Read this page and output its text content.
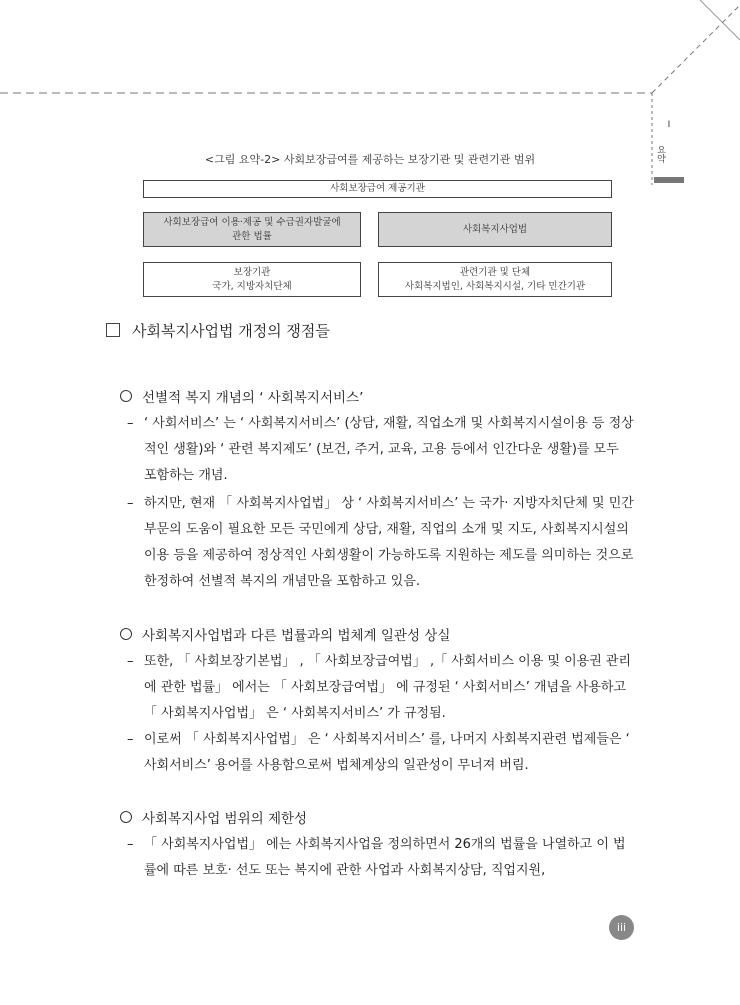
I
요약
<그림 요약-2> 사회보장급여를 제공하는 보장기관 및 관련기관 범위
사회보장급여 제공기관
사회보장급여 이용·제공 및 수급권자발굴에 관한 법률
사회복지사업법
보장기관
국가, 지방자치단체
관련기관 및 단체
사회복지법인, 사회복지시설, 기타 민간기관
사회복지사업법 개정의 쟁점들
선별적 복지 개념의 ‘ 사회복지서비스’
– ‘ 사회서비스’ 는 ‘ 사회복지서비스’ (상담, 재활, 직업소개 및 사회복지시설이용 등 정상적인 생활)와 ‘ 관련 복지제도’ (보건, 주거, 교육, 고용 등에서 인간다운 생활)를 모두 포함하는 개념.
– 하지만, 현재 「 사회복지사업법」 상 ‘ 사회복지서비스’ 는 국가· 지방자치단체 및 민간부문의 도움이 필요한 모든 국민에게 상담, 재활, 직업의 소개 및 지도, 사회복지시설의 이용 등을 제공하여 정상적인 사회생활이 가능하도록 지원하는 제도를 의미하는 것으로 한정하여 선별적 복지의 개념만을 포함하고 있음.
사회복지사업법과 다른 법률과의 법체계 일관성 상실
– 또한, 「 사회보장기본법」 , 「 사회보장급여법」 ,「 사회서비스 이용 및 이용권 관리에 관한 법률」 에서는 「 사회보장급여법」 에 규정된 ‘ 사회서비스’ 개념을 사용하고 「 사회복지사업법」 은 ‘ 사회복지서비스’ 가 규정됨.
– 이로써 「 사회복지사업법」 은 ‘ 사회복지서비스’ 를, 나머지 사회복지관련 법제들은 ‘ 사회서비스’ 용어를 사용함으로써 법체계상의 일관성이 무너져 버림.
사회복지사업 범위의 제한성
– 「 사회복지사업법」 에는 사회복지사업을 정의하면서 26개의 법률을 나열하고 이 법률에 따른 보호· 선도 또는 복지에 관한 사업과 사회복지상담, 직업지원,
iii
